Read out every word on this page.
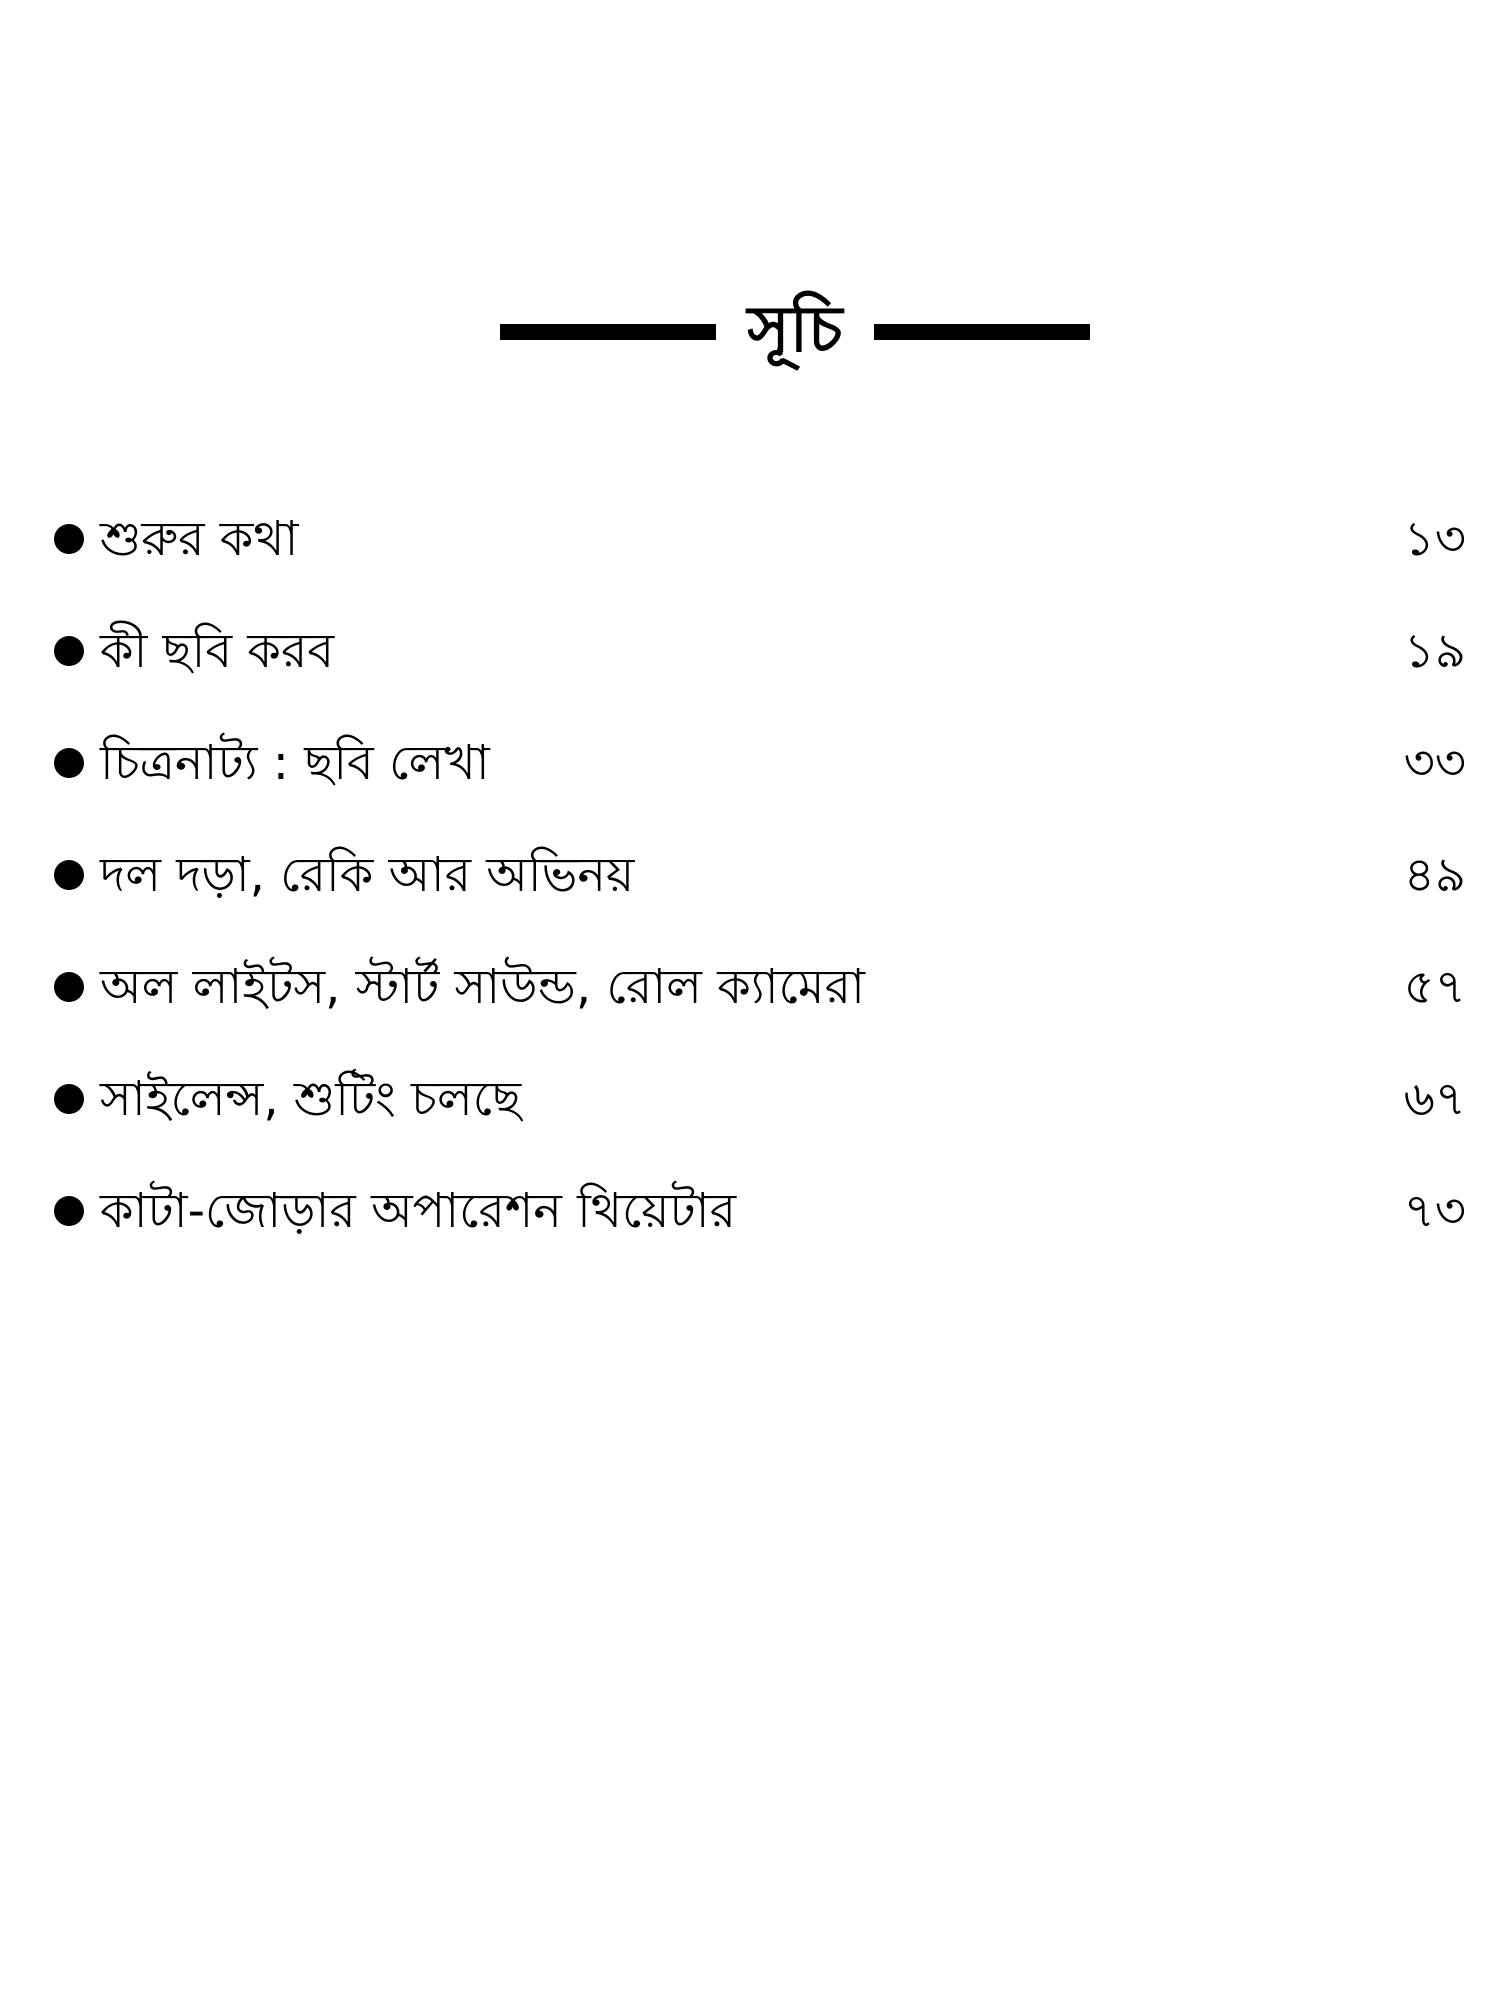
সূচি
শুরুর কথা	১৩
কী ছবি করব	১৯
চিত্রনাট্য : ছবি লেখা	৩৩
দল দড়া, রেকি আর অভিনয়	৪৯
অল লাইটস, স্টার্ট সাউন্ড, রোল ক্যামেরা	৫৭
সাইলেন্স, শুটিং চলছে	৬৭
কাটা-জোড়ার অপারেশন থিয়েটার	৭৩
